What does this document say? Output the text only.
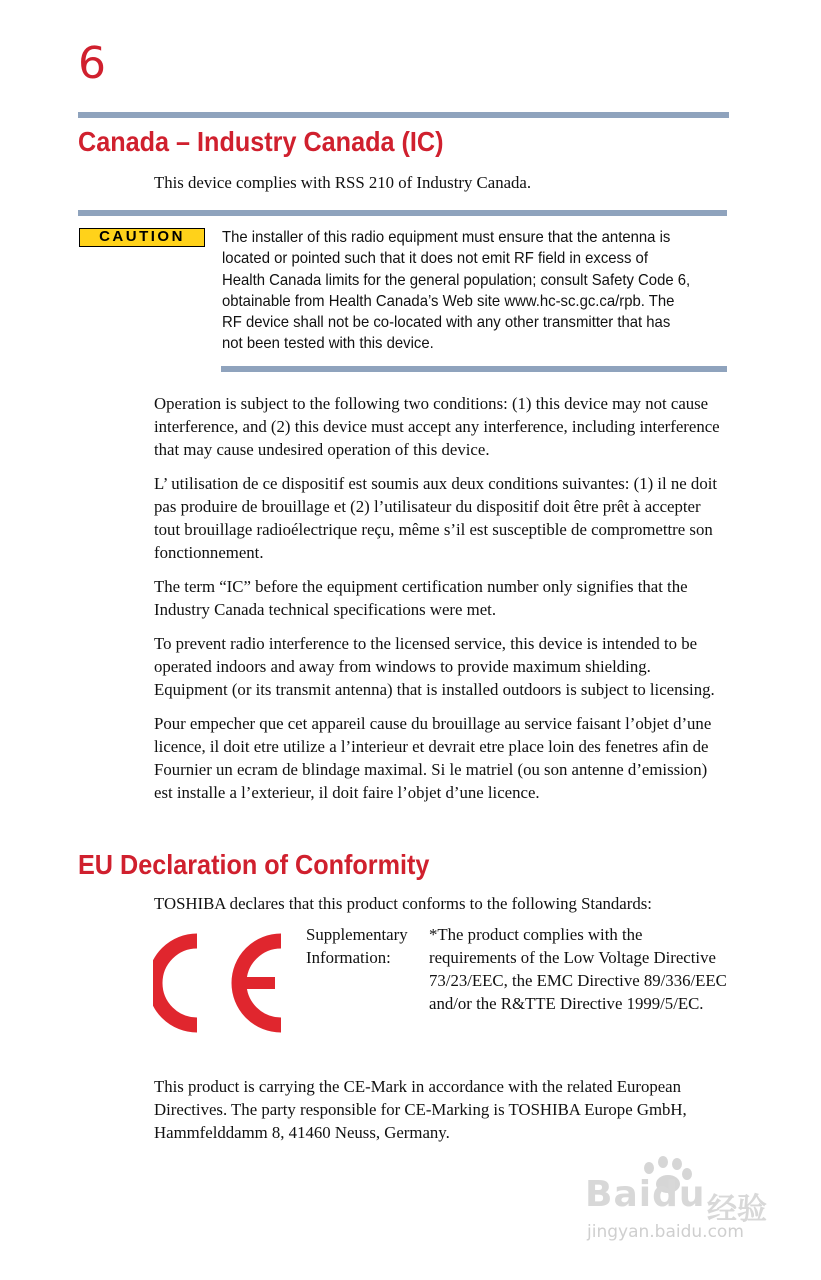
6
Canada – Industry Canada (IC)
This device complies with RSS 210 of Industry Canada.
CAUTION	The installer of this radio equipment must ensure that the antenna is located or pointed such that it does not emit RF field in excess of Health Canada limits for the general population; consult Safety Code 6, obtainable from Health Canada’s Web site www.hc-sc.gc.ca/rpb. The RF device shall not be co-located with any other transmitter that has not been tested with this device.

Operation is subject to the following two conditions: (1) this device may not cause interference, and (2) this device must accept any interference, including interference that may cause undesired operation of this device.

L’ utilisation de ce dispositif est soumis aux deux conditions suivantes: (1) il ne doit pas produire de brouillage et (2) l’utilisateur du dispositif doit être prêt à accepter tout brouillage radioélectrique reçu, même s’il est susceptible de compromettre son fonctionnement.

The term “IC” before the equipment certification number only signifies that the Industry Canada technical specifications were met.

To prevent radio interference to the licensed service, this device is intended to be operated indoors and away from windows to provide maximum shielding. Equipment (or its transmit antenna) that is installed outdoors is subject to licensing.

Pour empecher que cet appareil cause du brouillage au service faisant l’objet d’une licence, il doit etre utilize a l’interieur et devrait etre place loin des fenetres afin de Fournier un ecram de blindage maximal. Si le matriel (ou son antenne d’emission) est installe a l’exterieur, il doit faire l’objet d’une licence.

EU Declaration of Conformity
TOSHIBA declares that this product conforms to the following Standards:
Supplementary Information:
*The product complies with the requirements of the Low Voltage Directive 73/23/EEC, the EMC Directive 89/336/EEC and/or the R&TTE Directive 1999/5/EC.
This product is carrying the CE-Mark in accordance with the related European Directives. The party responsible for CE-Marking is TOSHIBA Europe GmbH, Hammfelddamm 8, 41460 Neuss, Germany.
Baidu 经验
jingyan.baidu.com
